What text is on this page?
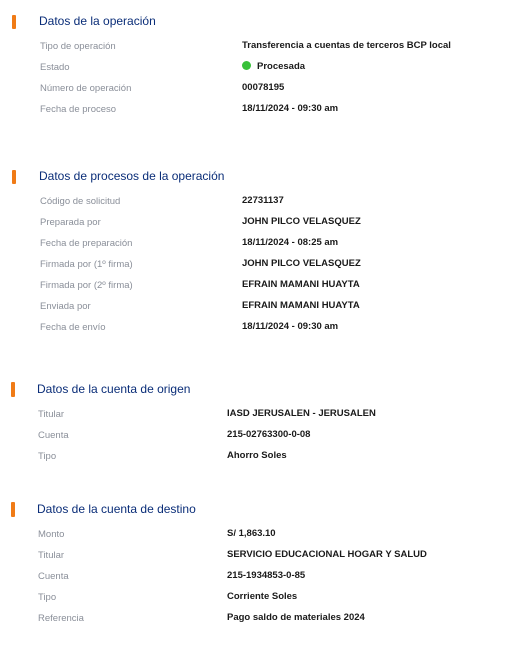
Datos de la operación
Tipo de operación	Transferencia a cuentas de terceros BCP local
Estado	Procesada
Número de operación	00078195
Fecha de proceso	18/11/2024 - 09:30 am
Datos de procesos de la operación
Código de solicitud	22731137
Preparada por	JOHN PILCO VELASQUEZ
Fecha de preparación	18/11/2024 - 08:25 am
Firmada por (1º firma)	JOHN PILCO VELASQUEZ
Firmada por (2º firma)	EFRAIN MAMANI HUAYTA
Enviada por	EFRAIN MAMANI HUAYTA
Fecha de envío	18/11/2024 - 09:30 am
Datos de la cuenta de origen
Titular	IASD JERUSALEN - JERUSALEN
Cuenta	215-02763300-0-08
Tipo	Ahorro Soles
Datos de la cuenta de destino
Monto	S/ 1,863.10
Titular	SERVICIO EDUCACIONAL HOGAR Y SALUD
Cuenta	215-1934853-0-85
Tipo	Corriente Soles
Referencia	Pago saldo de materiales 2024
